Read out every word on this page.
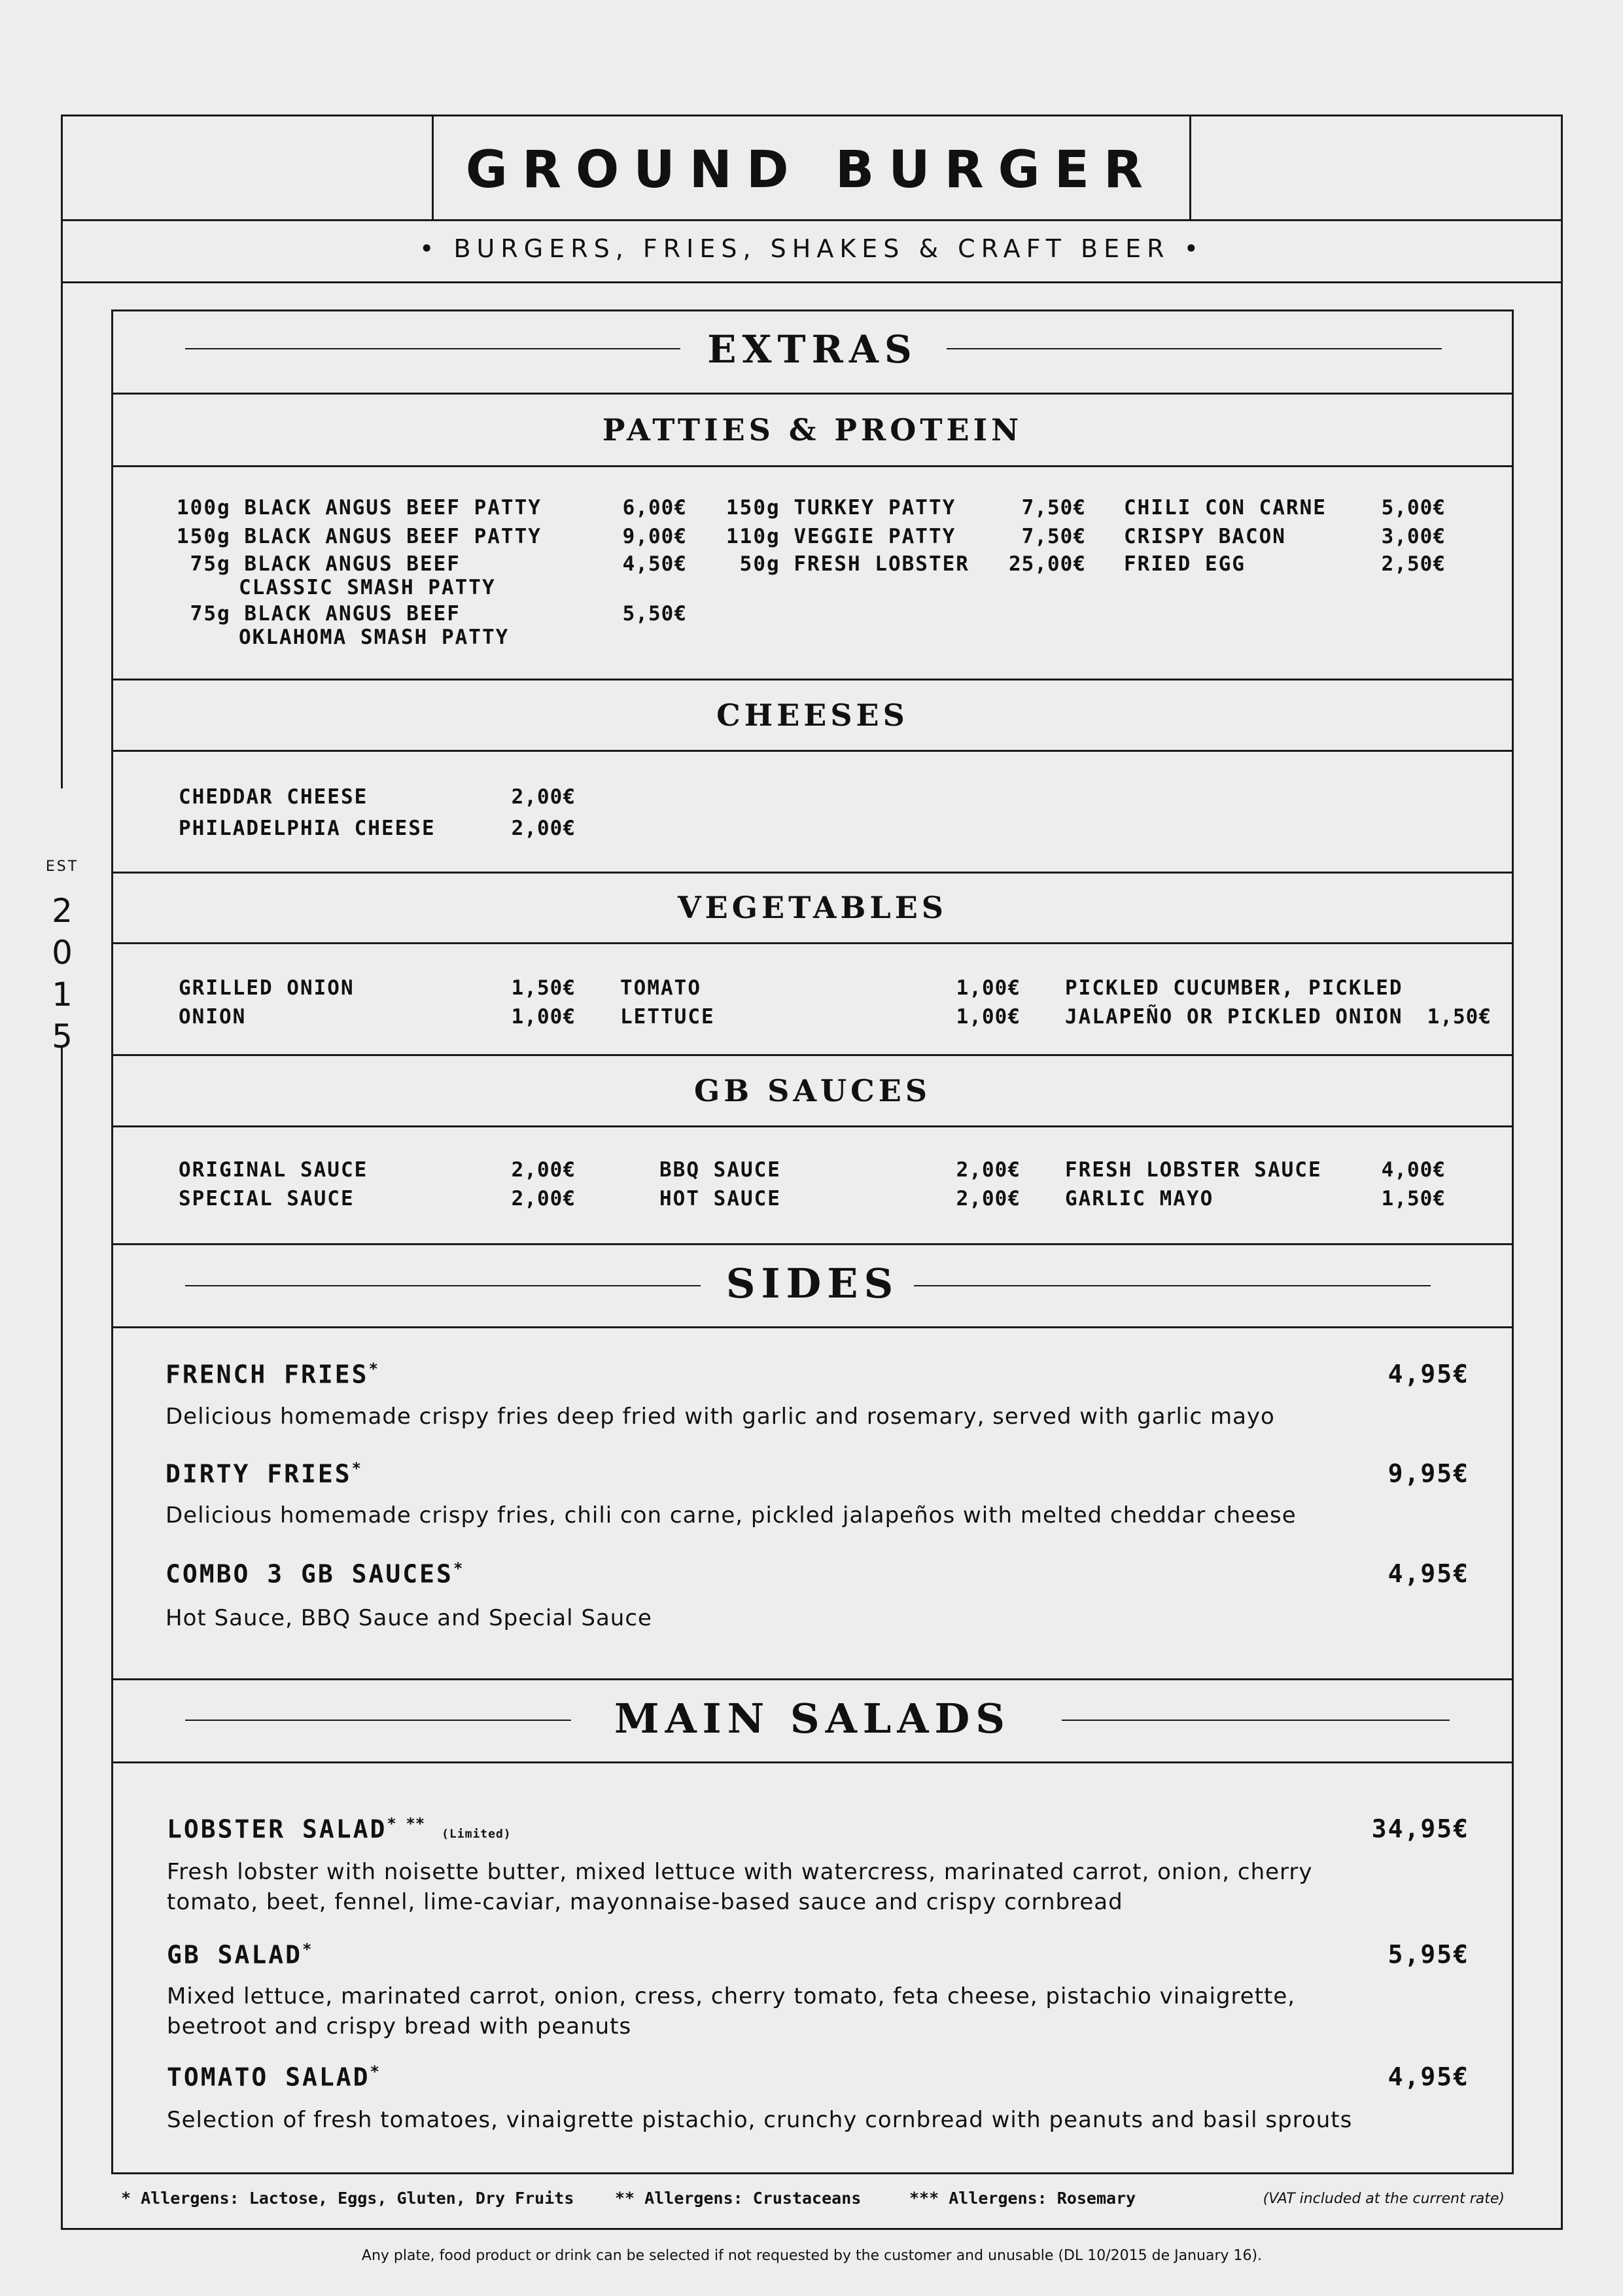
GROUND BURGER
• BURGERS, FRIES, SHAKES & CRAFT BEER •
EST
2
0
1
5
EXTRAS
PATTIES & PROTEIN
100g BLACK ANGUS BEEF PATTY	6,00€
150g BLACK ANGUS BEEF PATTY	9,00€
75g BLACK ANGUS BEEF
CLASSIC SMASH PATTY
4,50€
75g BLACK ANGUS BEEF
OKLAHOMA SMASH PATTY
5,50€
150g TURKEY PATTY	7,50€
110g VEGGIE PATTY	7,50€
50g FRESH LOBSTER	25,00€
CHILI CON CARNE	5,00€
CRISPY BACON	3,00€
FRIED EGG	2,50€
CHEESES
CHEDDAR CHEESE	2,00€
PHILADELPHIA CHEESE	2,00€
VEGETABLES
GRILLED ONION	1,50€
ONION	1,00€
TOMATO	1,00€
LETTUCE	1,00€
PICKLED CUCUMBER, PICKLED
JALAPEÑO OR PICKLED ONION	1,50€
GB SAUCES
ORIGINAL SAUCE	2,00€
SPECIAL SAUCE	2,00€
BBQ SAUCE	2,00€
HOT SAUCE	2,00€
FRESH LOBSTER SAUCE	4,00€
GARLIC MAYO	1,50€
SIDES
FRENCH FRIES*	4,95€
Delicious homemade crispy fries deep fried with garlic and rosemary, served with garlic mayo
DIRTY FRIES*	9,95€
Delicious homemade crispy fries, chili con carne, pickled jalapeños with melted cheddar cheese
COMBO 3 GB SAUCES*	4,95€
Hot Sauce, BBQ Sauce and Special Sauce
MAIN SALADS
LOBSTER SALAD* ** (Limited)	34,95€
Fresh lobster with noisette butter, mixed lettuce with watercress, marinated carrot, onion, cherry tomato, beet, fennel, lime-caviar, mayonnaise-based sauce and crispy cornbread
GB SALAD*	5,95€
Mixed lettuce, marinated carrot, onion, cress, cherry tomato, feta cheese, pistachio vinaigrette, beetroot and crispy bread with peanuts
TOMATO SALAD*	4,95€
Selection of fresh tomatoes, vinaigrette pistachio, crunchy cornbread with peanuts and basil sprouts
* Allergens: Lactose, Eggs, Gluten, Dry Fruits	** Allergens: Crustaceans	*** Allergens: Rosemary	(VAT included at the current rate)
Any plate, food product or drink can be selected if not requested by the customer and unusable (DL 10/2015 de January 16).
